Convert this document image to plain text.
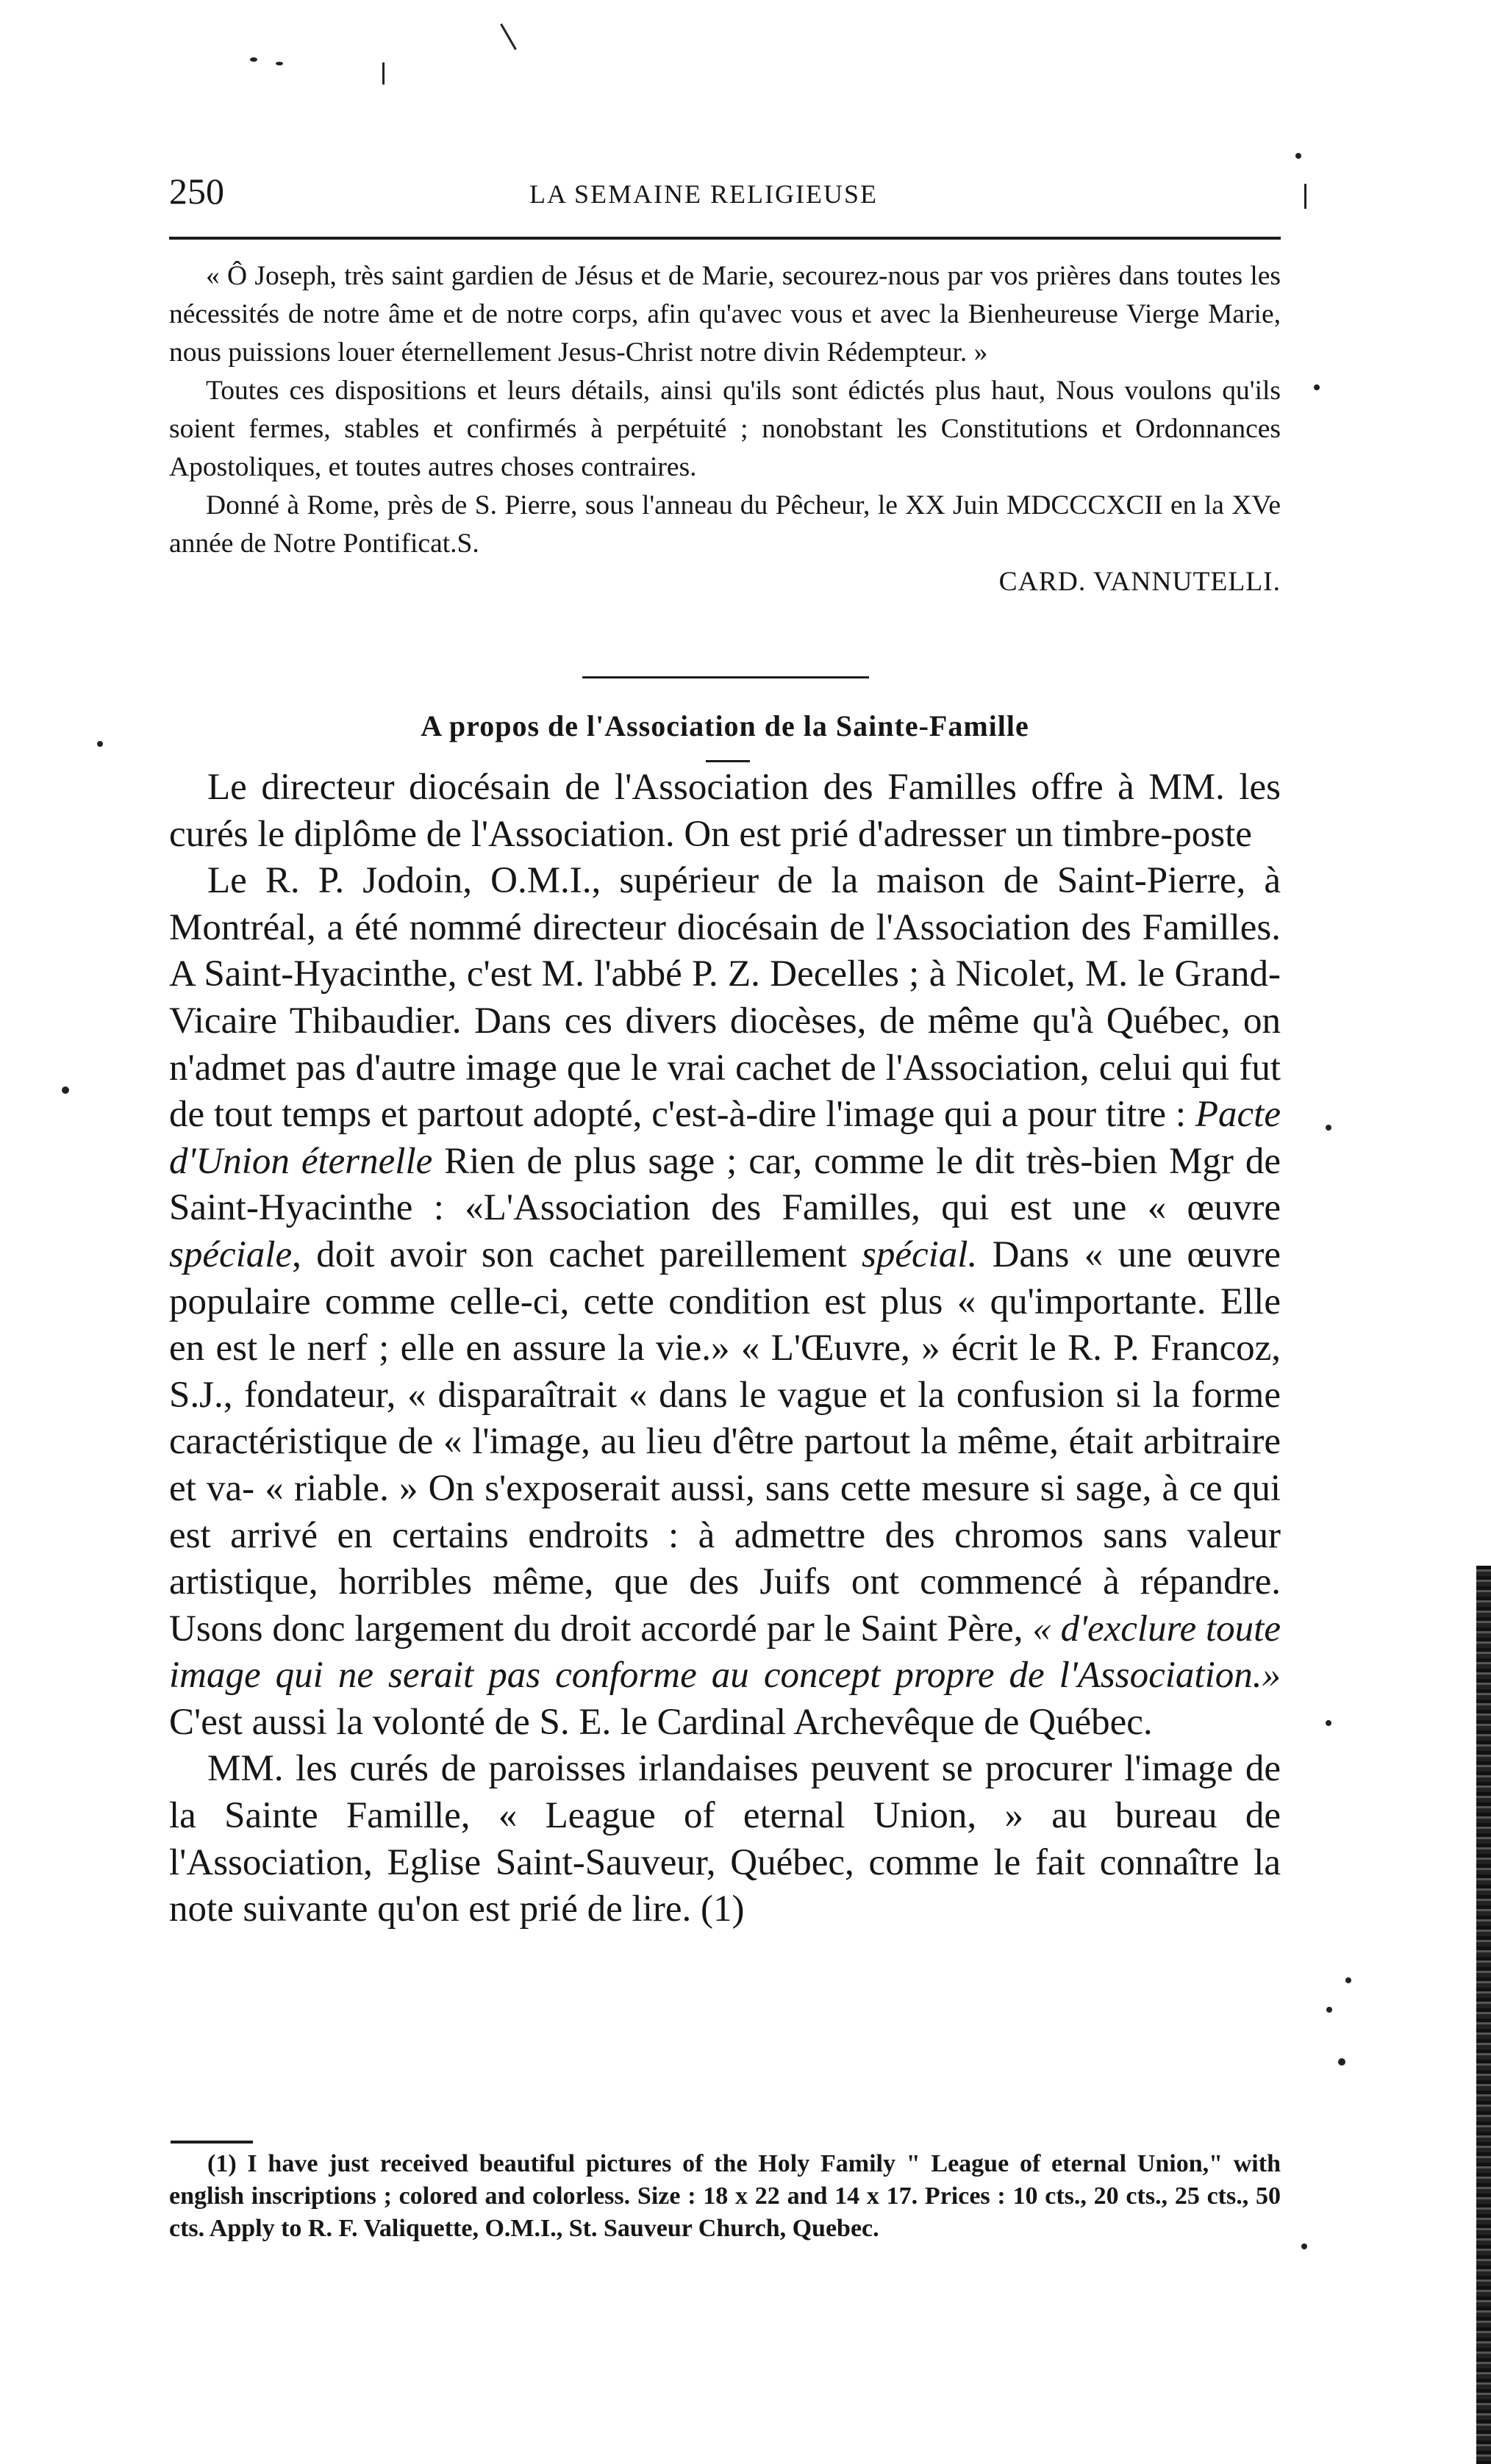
250	LA SEMAINE RELIGIEUSE

« Ô Joseph, très saint gardien de Jésus et de Marie, secourez-nous par vos prières dans toutes les nécessités de notre âme et de notre corps, afin qu'avec vous et avec la Bienheureuse Vierge Marie, nous puissions louer éternellement Jesus-Christ notre divin Rédempteur. »

Toutes ces dispositions et leurs détails, ainsi qu'ils sont édictés plus haut, Nous voulons qu'ils soient fermes, stables et confirmés à perpétuité ; nonobstant les Constitutions et Ordonnances Apostoliques, et toutes autres choses contraires.

Donné à Rome, près de S. Pierre, sous l'anneau du Pêcheur, le XX Juin MDCCCXCII en la XVe année de Notre Pontificat.S.

CARD. VANNUTELLI.
A propos de l'Association de la Sainte-Famille

Le directeur diocésain de l'Association des Familles offre à MM. les curés le diplôme de l'Association. On est prié d'adresser un timbre-poste

Le R. P. Jodoin, O.M.I., supérieur de la maison de Saint-Pierre, à Montréal, a été nommé directeur diocésain de l'Association des Familles. A Saint-Hyacinthe, c'est M. l'abbé P. Z. Decelles ; à Nicolet, M. le Grand-Vicaire Thibaudier. Dans ces divers diocèses, de même qu'à Québec, on n'admet pas d'autre image que le vrai cachet de l'Association, celui qui fut de tout temps et partout adopté, c'est-à-dire l'image qui a pour titre : Pacte d'Union éternelle Rien de plus sage ; car, comme le dit très-bien Mgr de Saint-Hyacinthe : «L'Association des Familles, qui est une « œuvre spéciale, doit avoir son cachet pareillement spécial. Dans « une œuvre populaire comme celle-ci, cette condition est plus « qu'importante. Elle en est le nerf ; elle en assure la vie.» « L'Œuvre, » écrit le R. P. Francoz, S.J., fondateur, « disparaîtrait « dans le vague et la confusion si la forme caractéristique de « l'image, au lieu d'être partout la même, était arbitraire et va- « riable. » On s'exposerait aussi, sans cette mesure si sage, à ce qui est arrivé en certains endroits : à admettre des chromos sans valeur artistique, horribles même, que des Juifs ont commencé à répandre. Usons donc largement du droit accordé par le Saint Père, « d'exclure toute image qui ne serait pas conforme au concept propre de l'Association.» C'est aussi la volonté de S. E. le Cardinal Archevêque de Québec.

MM. les curés de paroisses irlandaises peuvent se procurer l'image de la Sainte Famille, « League of eternal Union, » au bureau de l'Association, Eglise Saint-Sauveur, Québec, comme le fait connaître la note suivante qu'on est prié de lire. (1)

(1) I have just received beautiful pictures of the Holy Family " League of eternal Union," with english inscriptions ; colored and colorless. Size : 18 x 22 and 14 x 17. Prices : 10 cts., 20 cts., 25 cts., 50 cts. Apply to R. F. Valiquette, O.M.I., St. Sauveur Church, Quebec.
